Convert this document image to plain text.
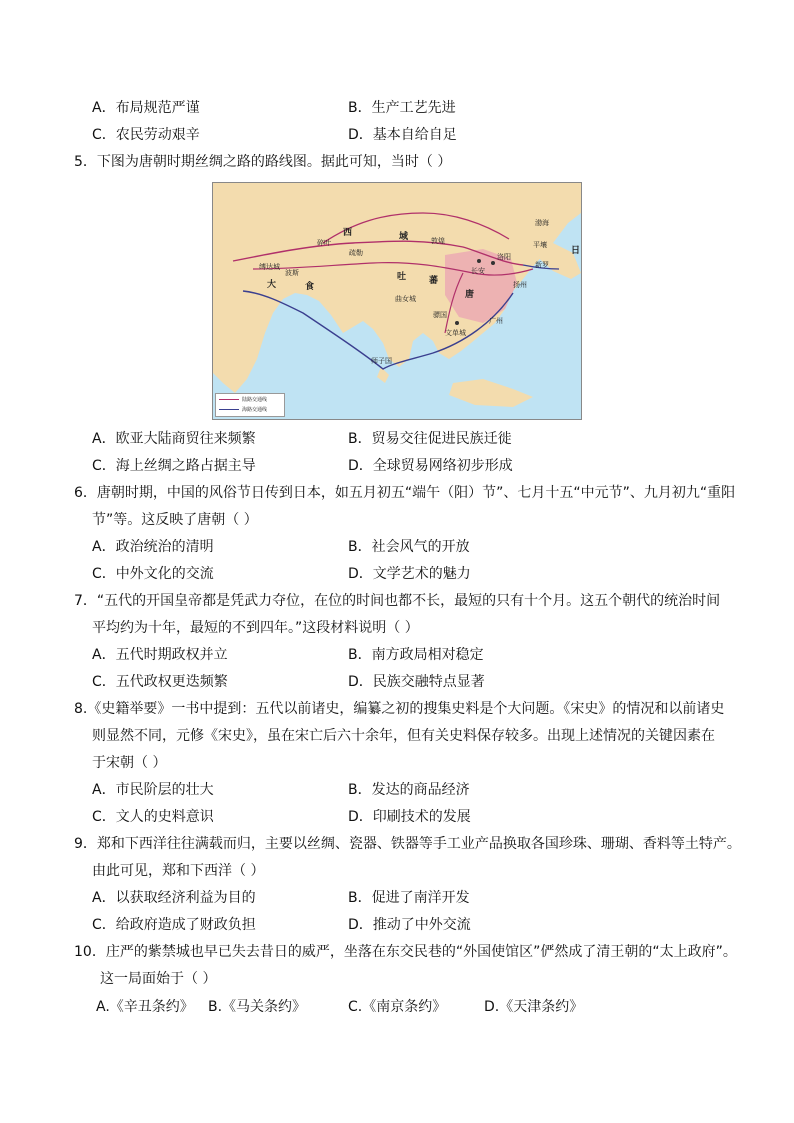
A．布局规范严谨	B．生产工艺先进
C．农民劳动艰辛	D．基本自给自足
5．下图为唐朝时期丝绸之路的路线图。据此可知，当时（ ）
唐
西	域
吐	蕃
大	食
日
敦煌
长安
洛阳
扬州
广州
碎叶
疏勒
曲女城
文单城
师子国
渤海
新罗
平壤
缚达城
波斯
骠国
陆路交通线
海路交通线
A．欧亚大陆商贸往来频繁	B．贸易交往促进民族迁徙
C．海上丝绸之路占据主导	D．全球贸易网络初步形成
6．唐朝时期，中国的风俗节日传到日本，如五月初五“端午（阳）节”、七月十五“中元节”、九月初九“重阳
节”等。这反映了唐朝（ ）
A．政治统治的清明	B．社会风气的开放
C．中外文化的交流	D．文学艺术的魅力
7．“五代的开国皇帝都是凭武力夺位，在位的时间也都不长，最短的只有十个月。这五个朝代的统治时间
平均约为十年，最短的不到四年。”这段材料说明（ ）
A．五代时期政权并立	B．南方政局相对稳定
C．五代政权更迭频繁	D．民族交融特点显著
8.《史籍举要》一书中提到：五代以前诸史，编纂之初的搜集史料是个大问题。《宋史》的情况和以前诸史
则显然不同，元修《宋史》，虽在宋亡后六十余年，但有关史料保存较多。出现上述情况的关键因素在
于宋朝（ ）
A．市民阶层的壮大	B．发达的商品经济
C．文人的史料意识	D．印刷技术的发展
9．郑和下西洋往往满载而归，主要以丝绸、瓷器、铁器等手工业产品换取各国珍珠、珊瑚、香料等土特产。
由此可见，郑和下西洋（ ）
A．以获取经济利益为目的	B．促进了南洋开发
C．给政府造成了财政负担	D．推动了中外交流
10．庄严的紫禁城也早已失去昔日的威严，坐落在东交民巷的“外国使馆区”俨然成了清王朝的“太上政府”。
这一局面始于（ ）
A.《辛丑条约》 B.《马关条约》	C.《南京条约》	D.《天津条约》
